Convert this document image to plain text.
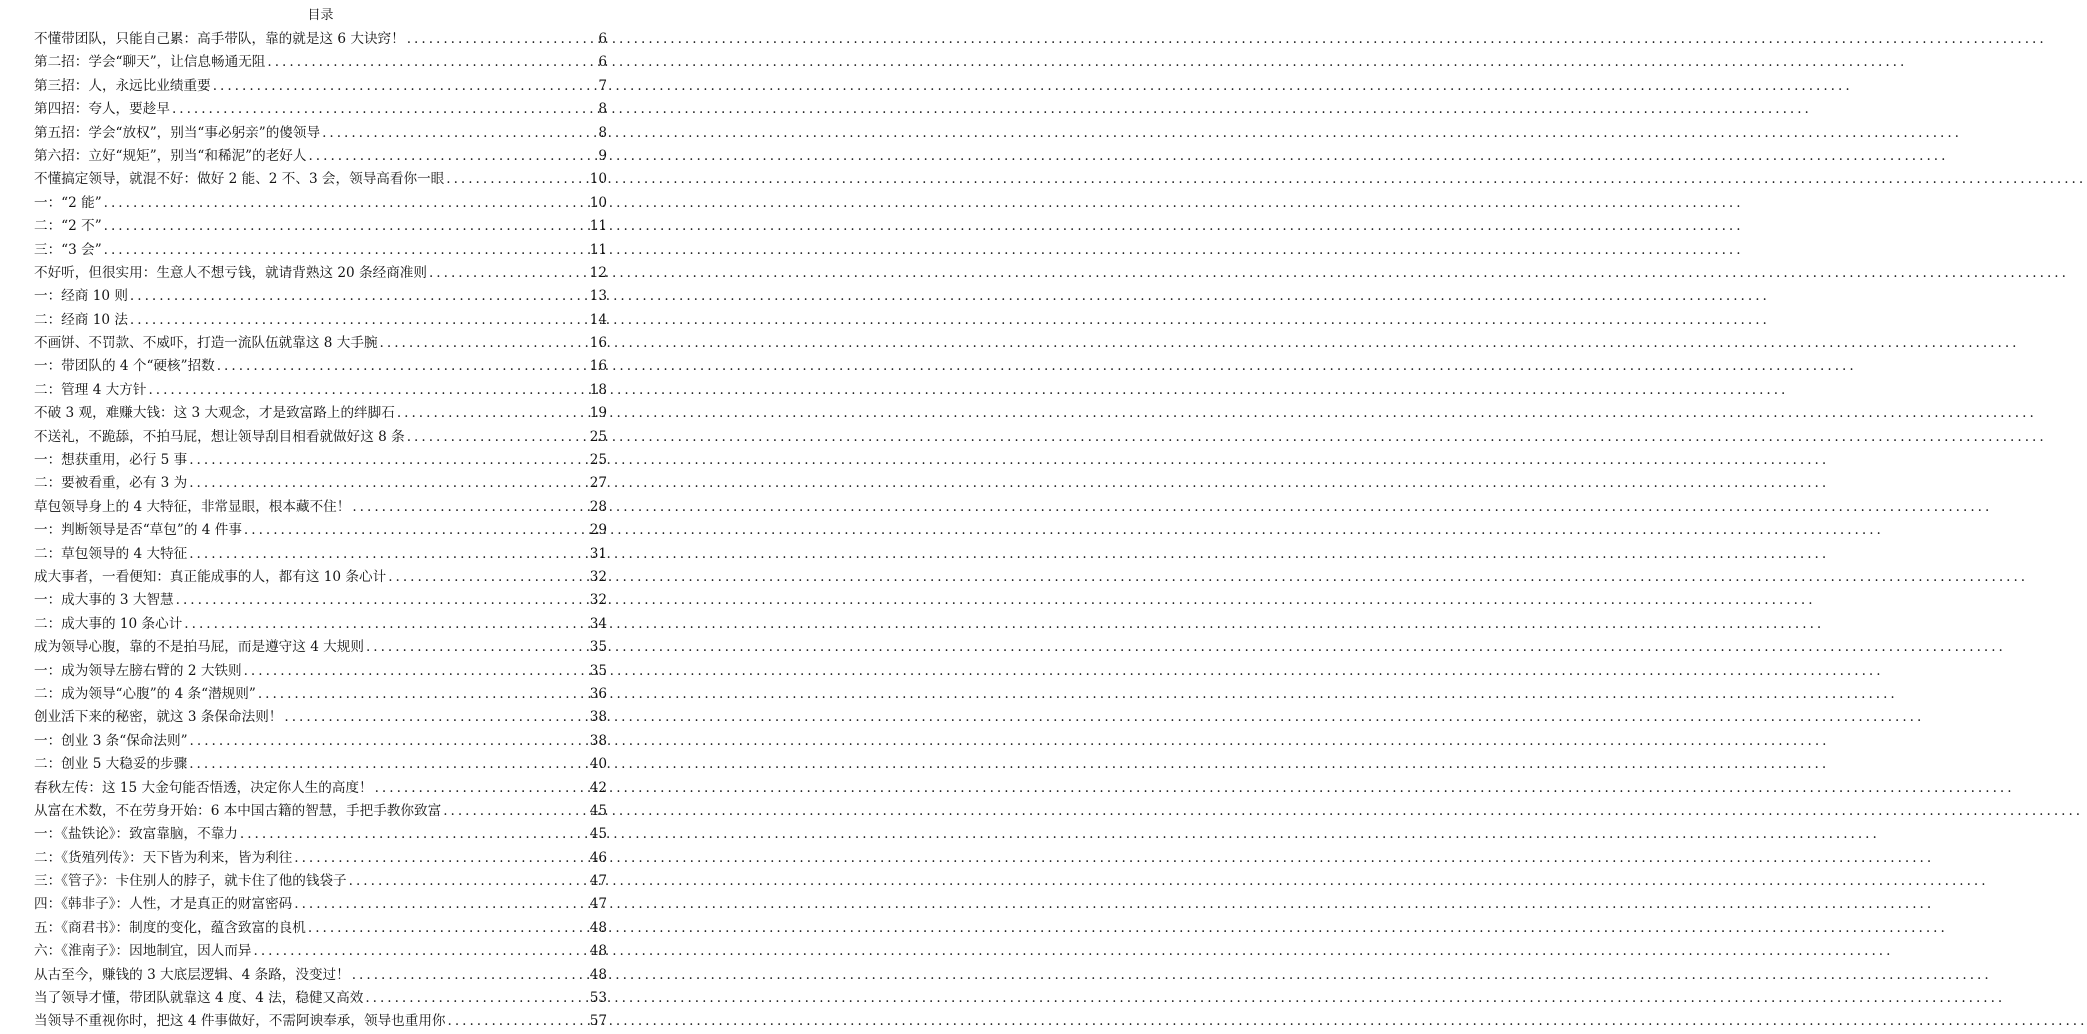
目录
不懂带团队，只能自己累：高手带队，靠的就是这 6 大诀窍！ .....	6
第二招：学会“聊天”，让信息畅通无阻 .....	6
第三招：人，永远比业绩重要 .....	7
第四招：夸人，要趁早 .....	8
第五招：学会“放权”，别当“事必躬亲”的傻领导 .....	8
第六招：立好“规矩”，别当“和稀泥”的老好人 .....	9
不懂搞定领导，就混不好：做好 2 能、2 不、3 会，领导高看你一眼 .....	10
一：“2 能” .....	10
二：“2 不” .....	11
三：“3 会” .....	11
不好听，但很实用：生意人不想亏钱，就请背熟这 20 条经商准则 .....	12
一：经商 10 则 .....	13
二：经商 10 法 .....	14
不画饼、不罚款、不威吓，打造一流队伍就靠这 8 大手腕 .....	16
一：带团队的 4 个“硬核”招数 .....	16
二：管理 4 大方针 .....	18
不破 3 观，难赚大钱：这 3 大观念，才是致富路上的绊脚石 .....	19
不送礼，不跪舔，不拍马屁，想让领导刮目相看就做好这 8 条 .....	25
一：想获重用，必行 5 事 .....	25
二：要被看重，必有 3 为 .....	27
草包领导身上的 4 大特征，非常显眼，根本藏不住！ .....	28
一：判断领导是否“草包”的 4 件事 .....	29
二：草包领导的 4 大特征 .....	31
成大事者，一看便知：真正能成事的人，都有这 10 条心计 .....	32
一：成大事的 3 大智慧 .....	32
二：成大事的 10 条心计 .....	34
成为领导心腹，靠的不是拍马屁，而是遵守这 4 大规则 .....	35
一：成为领导左膀右臂的 2 大铁则 .....	35
二：成为领导“心腹”的 4 条“潜规则” .....	36
创业活下来的秘密，就这 3 条保命法则！ .....	38
一：创业 3 条“保命法则” .....	38
二：创业 5 大稳妥的步骤 .....	40
春秋左传：这 15 大金句能否悟透，决定你人生的高度！ .....	42
从富在术数，不在劳身开始：6 本中国古籍的智慧，手把手教你致富 .....	45
一：《盐铁论》：致富靠脑，不靠力 .....	45
二：《货殖列传》：天下皆为利来，皆为利往 .....	46
三：《管子》：卡住别人的脖子，就卡住了他的钱袋子 .....	47
四：《韩非子》：人性，才是真正的财富密码 .....	47
五：《商君书》：制度的变化，蕴含致富的良机 .....	48
六：《淮南子》：因地制宜，因人而异 .....	48
从古至今，赚钱的 3 大底层逻辑、4 条路，没变过！ .....	48
当了领导才懂，带团队就靠这 4 度、4 法，稳健又高效 .....	53
当领导不重视你时，把这 4 件事做好，不需阿谀奉承，领导也重用你 .....	57
